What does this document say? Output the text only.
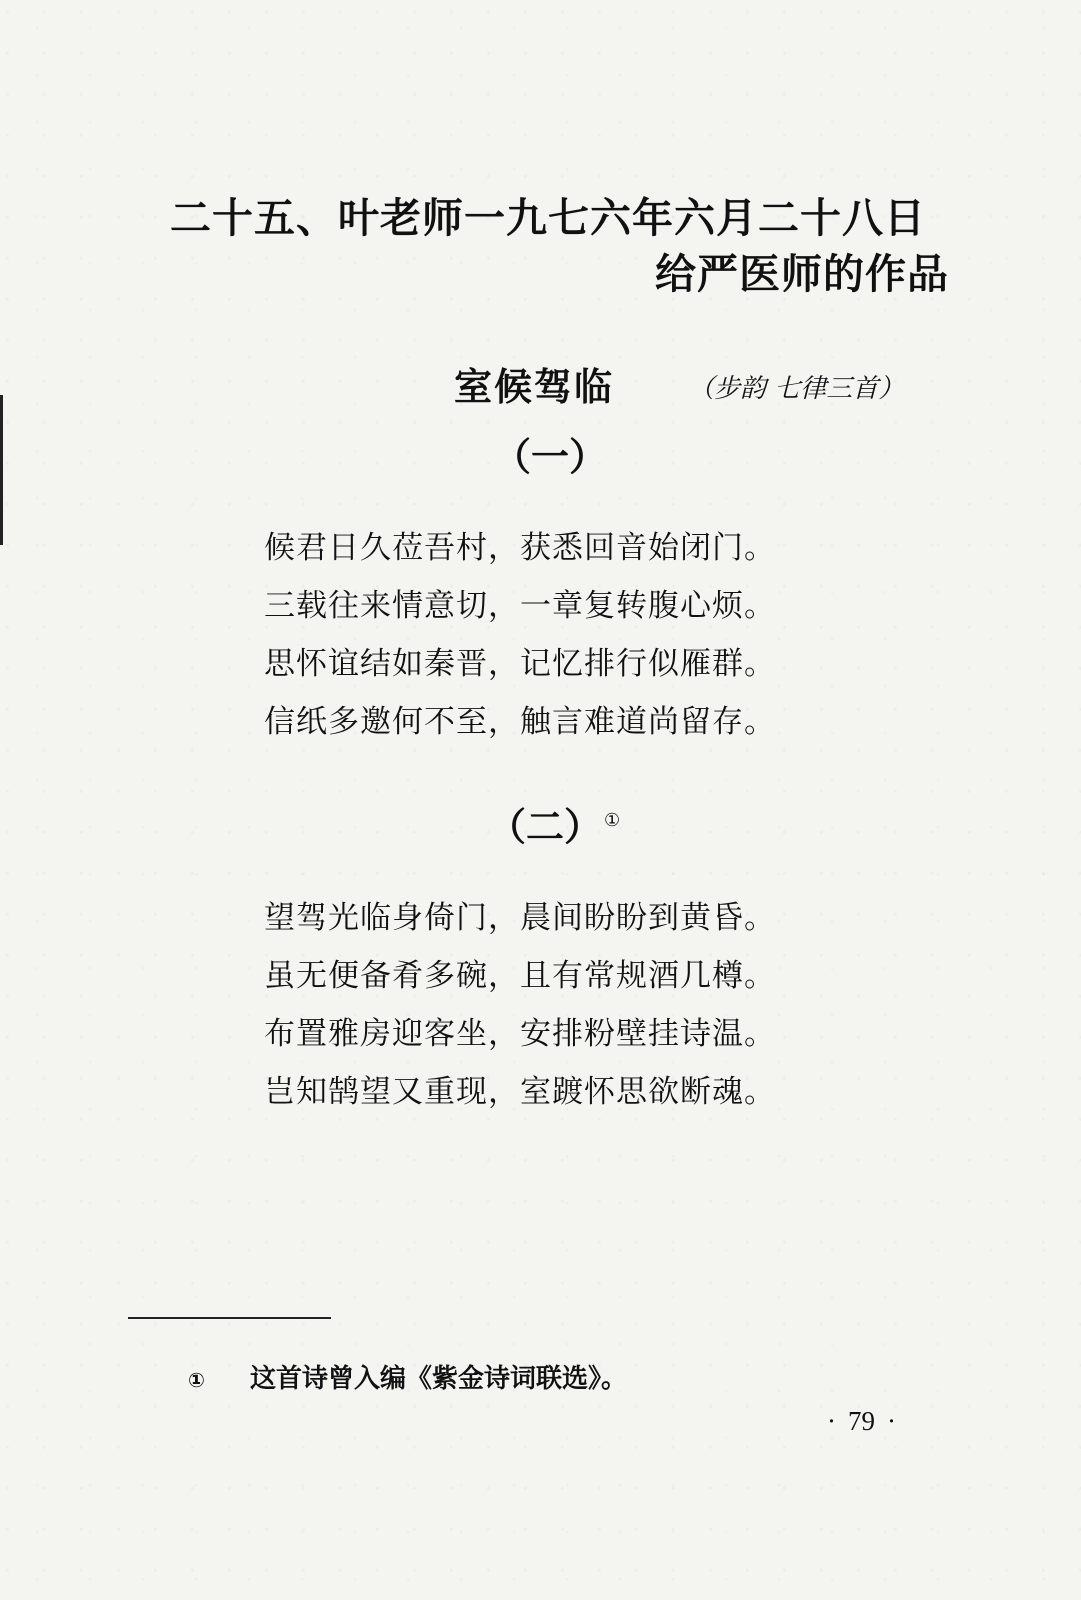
二十五、叶老师一九七六年六月二十八日
给严医师的作品
室候驾临	（步韵 七律三首）
（一）
候君日久莅吾村，获悉回音始闭门。
三载往来情意切，一章复转腹心烦。
思怀谊结如秦晋，记忆排行似雁群。
信纸多邀何不至，触言难道尚留存。
（二） ①
望驾光临身倚门，晨间盼盼到黄昏。
虽无便备肴多碗，且有常规酒几樽。
布置雅房迎客坐，安排粉壁挂诗温。
岂知鹄望又重现，室踱怀思欲断魂。
① 这首诗曾入编《紫金诗词联选》。
· 79 ·
